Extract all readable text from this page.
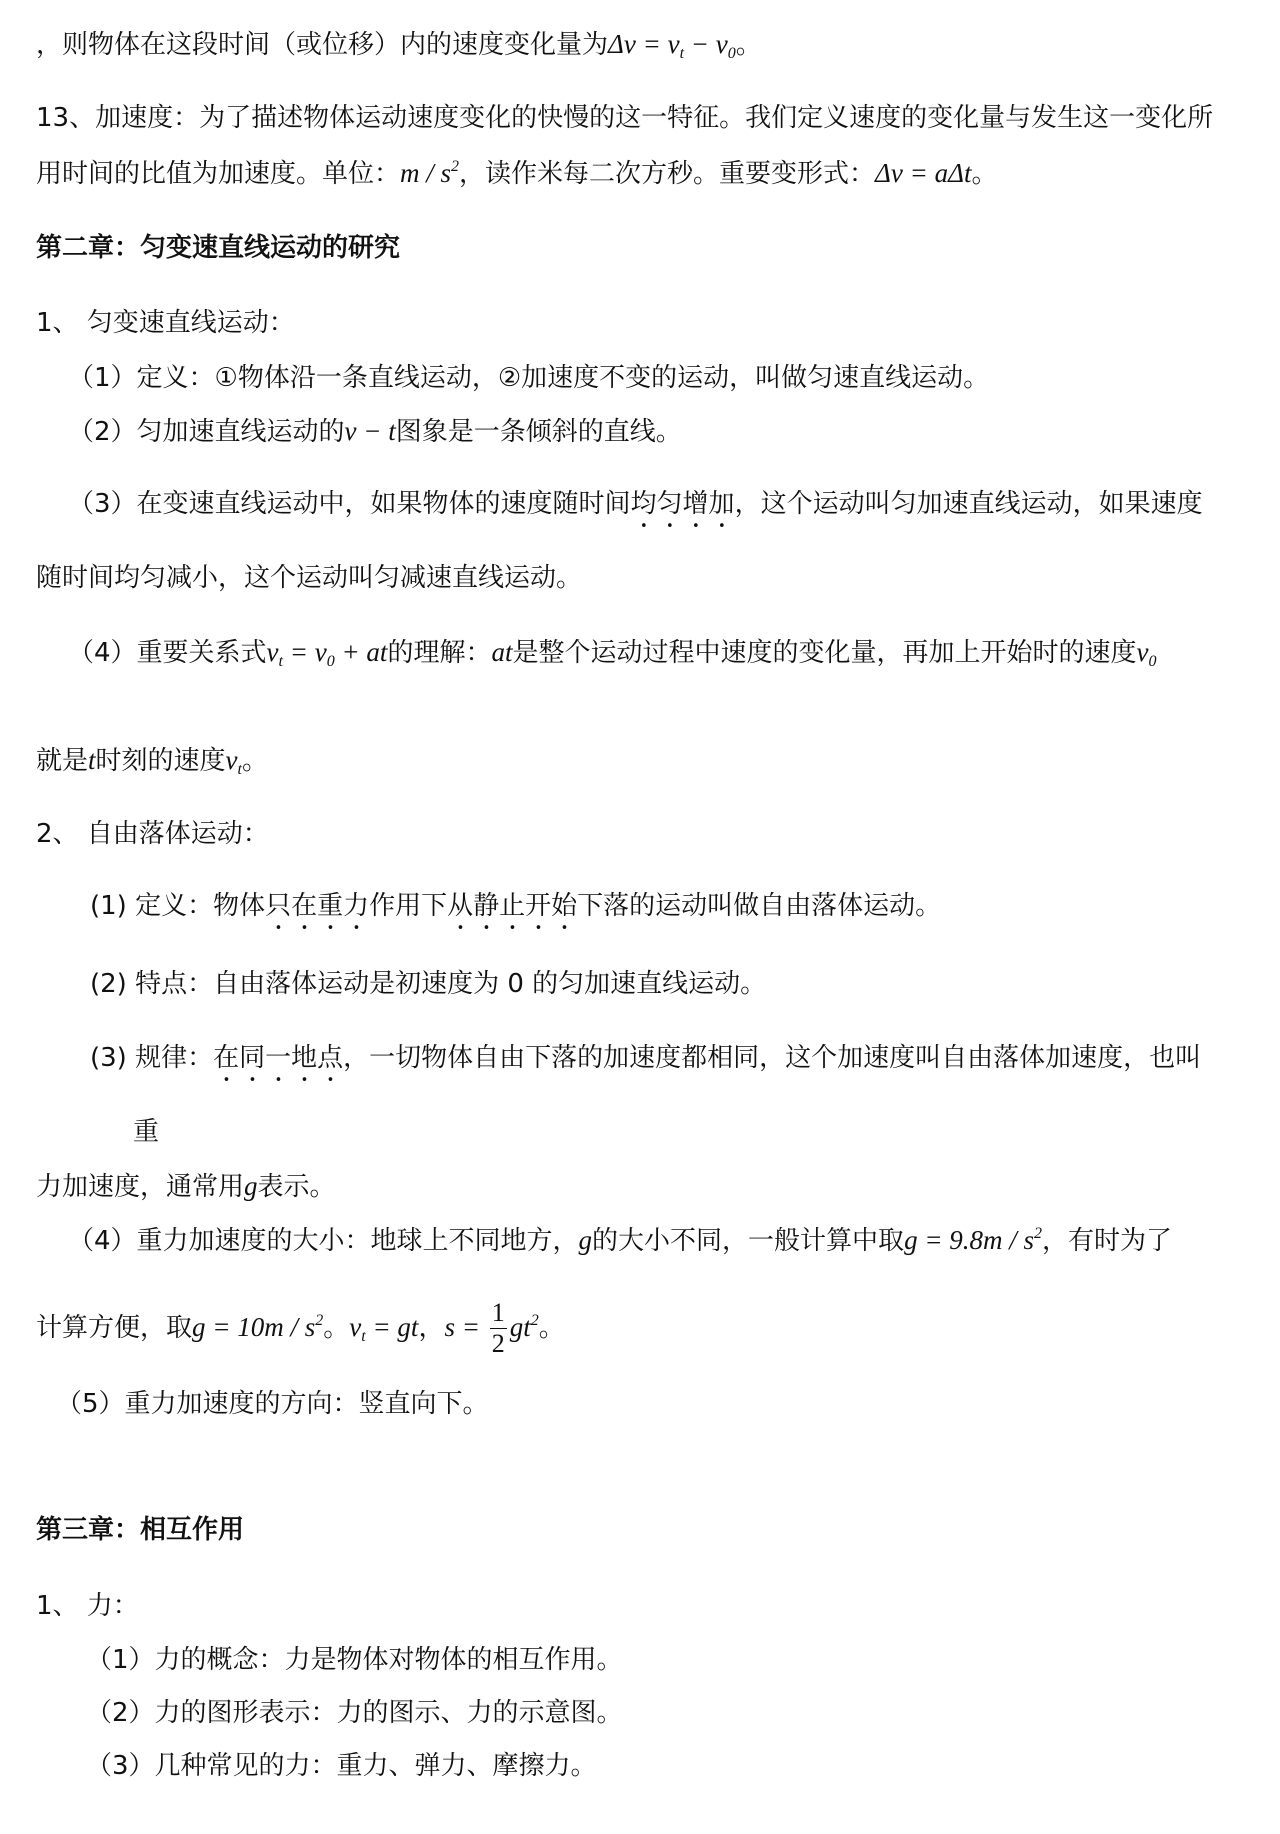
，则物体在这段时间（或位移）内的速度变化量为$\Delta v = v_t - v_0$。
13、加速度：为了描述物体运动速度变化的快慢的这一特征。我们定义速度的变化量与发生这一变化所
用时间的比值为加速度。单位：m / $s^2$，读作米每二次方秒。重要变形式：Δv = aΔt。
第二章：匀变速直线运动的研究
1、 匀变速直线运动：
（1）定义：①物体沿一条直线运动，②加速度不变的运动，叫做匀速直线运动。
（2）匀加速直线运动的v − t图象是一条倾斜的直线。
（3）在变速直线运动中，如果物体的速度随时间均匀增加，这个运动叫匀加速直线运动，如果速度
随时间均匀减小，这个运动叫匀减速直线运动。
（4）重要关系式$v_t = v_0$ + at的理解：at是整个运动过程中速度的变化量，再加上开始时的速度$v_0$
就是t时刻的速度$v_t$。
2、 自由落体运动：
(1) 定义：物体只在重力作用下从静止开始下落的运动叫做自由落体运动。
(2) 特点：自由落体运动是初速度为 0 的匀加速直线运动。
(3) 规律：在同一地点，一切物体自由下落的加速度都相同，这个加速度叫自由落体加速度，也叫
重
力加速度，通常用g表示。
（4）重力加速度的大小：地球上不同地方，g的大小不同，一般计算中取$g = 9.8m / s^2$，有时为了
计算方便，取$g = 10m / s^2$。$v_t$ = gt，$s = \frac{1}{2} gt^2$。
（5）重力加速度的方向：竖直向下。
第三章：相互作用
1、 力：
（1）力的概念：力是物体对物体的相互作用。
（2）力的图形表示：力的图示、力的示意图。
（3）几种常见的力：重力、弹力、摩擦力。
